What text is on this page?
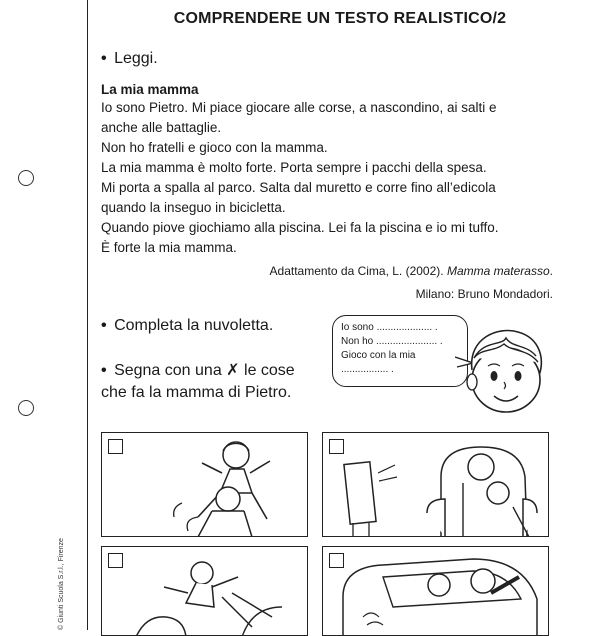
© Giunti Scuola S.r.l., Firenze
COMPRENDERE UN TESTO REALISTICO/2
• Leggi.
La mia mamma
Io sono Pietro. Mi piace giocare alle corse, a nascondino, ai salti e
anche alle battaglie.
Non ho fratelli e gioco con la mamma.
La mia mamma è molto forte. Porta sempre i pacchi della spesa.
Mi porta a spalla al parco. Salta dal muretto e corre fino all’edicola
quando la inseguo in bicicletta.
Quando piove giochiamo alla piscina. Lei fa la piscina e io mi tuffo.
È forte la mia mamma.
Adattamento da Cima, L. (2002). Mamma materasso.
Milano: Bruno Mondadori.
• Completa la nuvoletta.
• Segna con una ✗ le cose
che fa la mamma di Pietro.
Io sono .................... .
Non ho ...................... .
Gioco con la mia
................. .
